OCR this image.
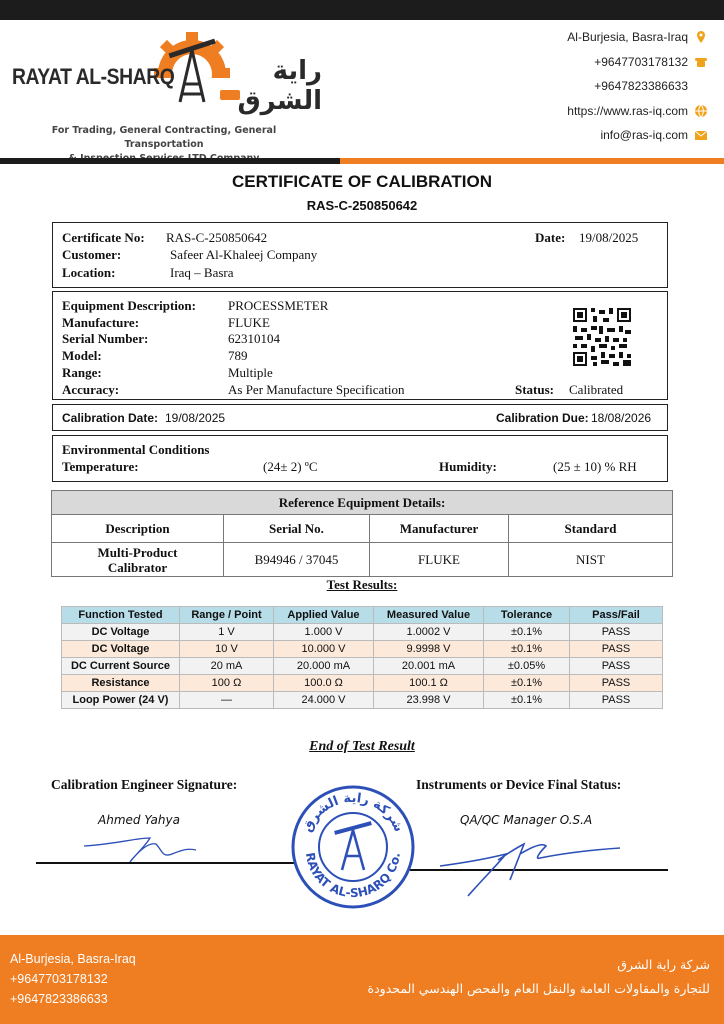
RAYAT AL-SHARQ	راية الشرق
For Trading, General Contracting, General Transportation
Al-Burjesia, Basra-Iraq
+9647703178132
+9647823386633
https://www.ras-iq.com
info@ras-iq.com
CERTIFICATE OF CALIBRATION
RAS-C-250850642
Certificate No: RAS-C-250850642	Date: 19/08/2025
Customer:	Safeer Al-Khaleej Company
Location:	Iraq – Basra
Equipment Description: PROCESSMETER
Manufacture:	FLUKE
Serial Number:	62310104
Model:	789
Range:	Multiple
Accuracy:	As Per Manufacture Specification	Status: Calibrated
Calibration Date: 19/08/2025	Calibration Due: 18/08/2026
Environmental Conditions
Temperature:	(24± 2) ºC	Humidity:	(25 ± 10) % RH
Reference Equipment Details:			
Description	Serial No.	Manufacturer	Standard

Multi-Product
Calibrator	B94946 / 37045	FLUKE	NIST
Test Results:
Function Tested	Range / Point	Applied Value	Measured Value	Tolerance	Pass/Fail
DC Voltage	1 V	1.000 V	1.0002 V	±0.1%	PASS
DC Voltage	10 V	10.000 V	9.9998 V	±0.1%	PASS
DC Current Source	20 mA	20.000 mA	20.001 mA	±0.05%	PASS
Resistance	100 Ω	100.0 Ω	100.1 Ω	±0.1%	PASS
Loop Power (24 V)	—	24.000 V	23.998 V	±0.1%	PASS
End of Test Result
Calibration Engineer Signature:	Instruments or Device Final Status:
Ahmed Yahya	QA/QC Manager O.S.A
شركة راية الشرق
RAYAT AL-SHARQ Co.
Al-Burjesia, Basra-Iraq
+9647703178132
+9647823386633
شركة راية الشرق
للتجارة والمقاولات العامة والنقل العام والفحص الهندسي المحدودة
